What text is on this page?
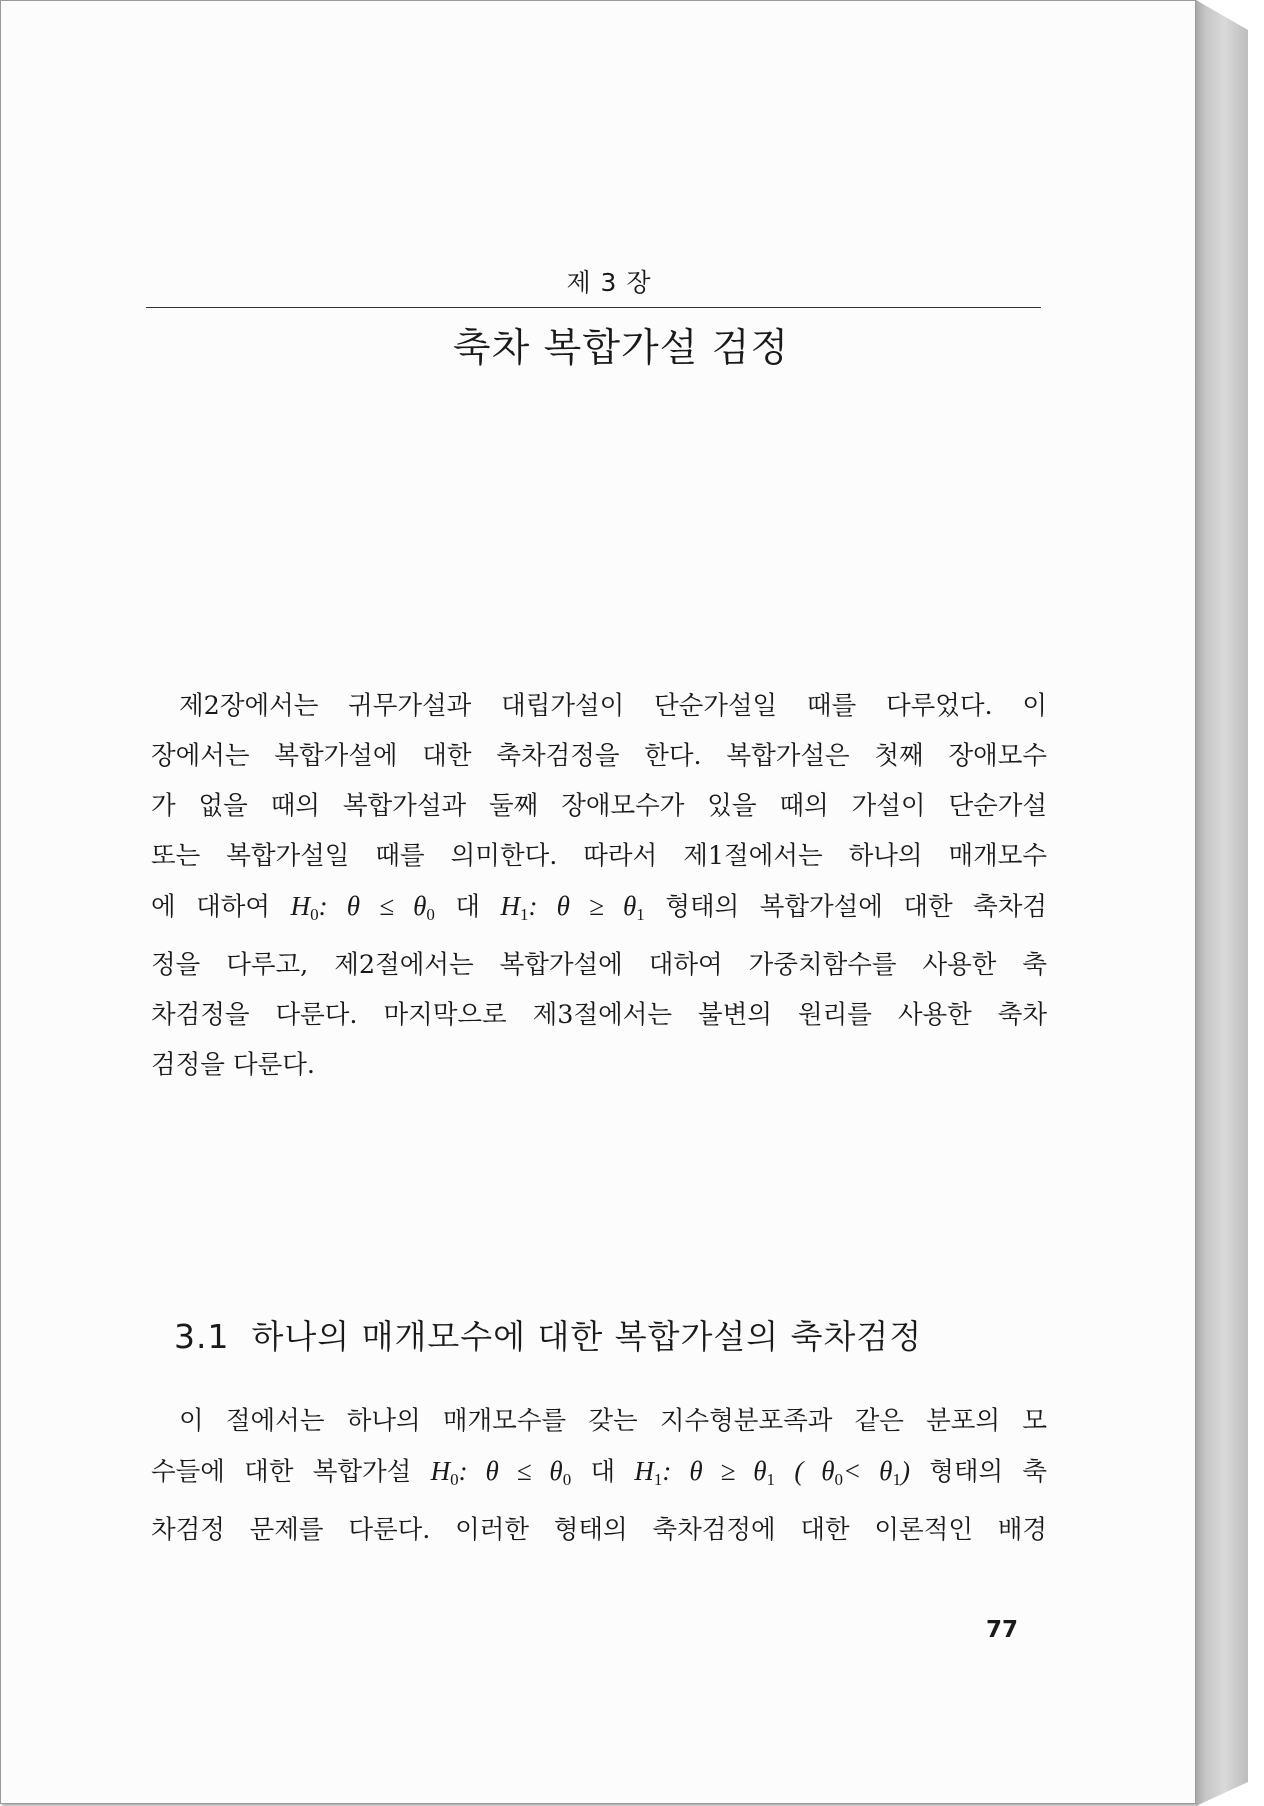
제 3 장
축차 복합가설 검정
제2장에서는 귀무가설과 대립가설이 단순가설일 때를 다루었다. 이
장에서는 복합가설에 대한 축차검정을 한다. 복합가설은 첫째 장애모수
가 없을 때의 복합가설과 둘째 장애모수가 있을 때의 가설이 단순가설
또는 복합가설일 때를 의미한다. 따라서 제1절에서는 하나의 매개모수
에 대하여 $H_0$: $\theta \le \theta_0$ 대 $H_1$: $\theta \ge \theta_1$ 형태의 복합가설에 대한 축차검
정을 다루고, 제2절에서는 복합가설에 대하여 가중치함수를 사용한 축
차검정을 다룬다. 마지막으로 제3절에서는 불변의 원리를 사용한 축차
검정을 다룬다.
3.1 하나의 매개모수에 대한 복합가설의 축차검정
이 절에서는 하나의 매개모수를 갖는 지수형분포족과 같은 분포의 모
수들에 대한 복합가설 $H_0$: $\theta \le \theta_0$ 대 $H_1$: $\theta \ge \theta_1$ ( $\theta_0< \theta_1$) 형태의 축
차검정 문제를 다룬다. 이러한 형태의 축차검정에 대한 이론적인 배경
77
